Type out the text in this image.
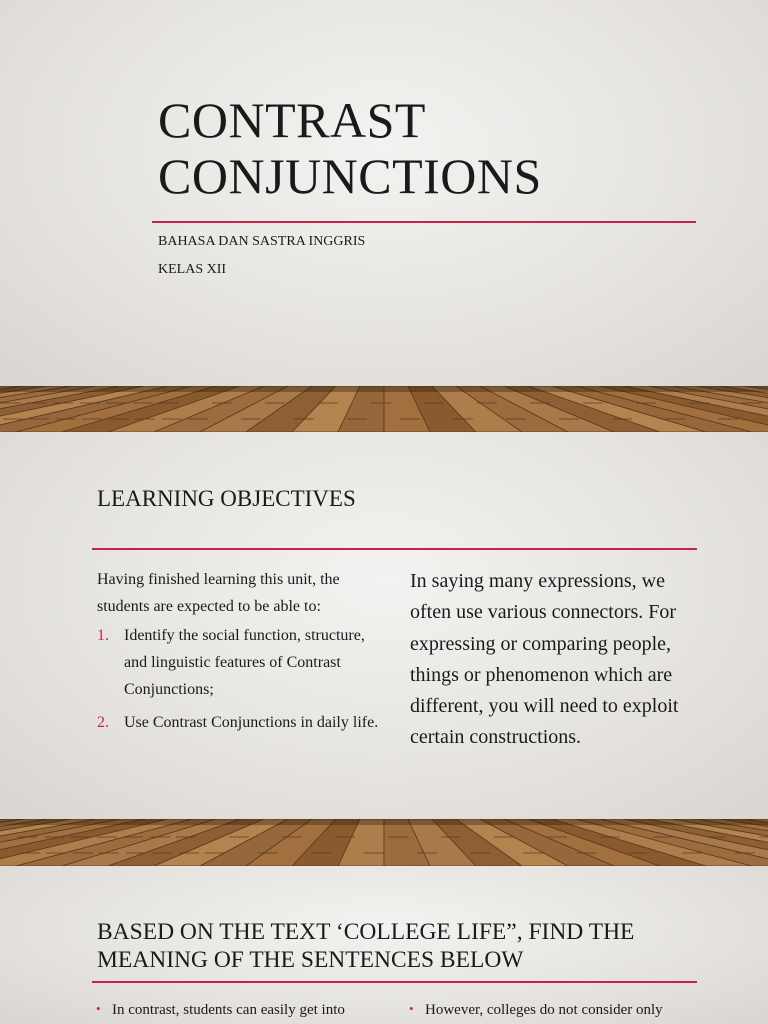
CONTRAST
CONJUNCTIONS

BAHASA DAN SASTRA INGGRIS

KELAS XII

LEARNING OBJECTIVES

Having finished learning this unit, the students are expected to be able to:

1. Identify the social function, structure, and linguistic features of Contrast Conjunctions;
2. Use Contrast Conjunctions in daily life.

In saying many expressions, we often use various connectors. For expressing or comparing people, things or phenomenon which are different, you will need to exploit certain constructions.

BASED ON THE TEXT ‘COLLEGE LIFE”, FIND THE
MEANING OF THE SENTENCES BELOW
• In contrast, students can easily get into	• However, colleges do not consider only
